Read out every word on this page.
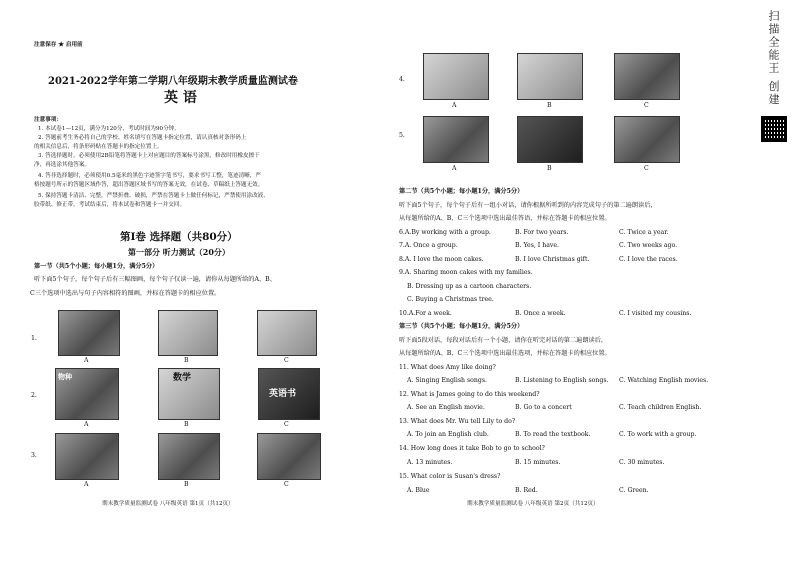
注意保存 ★ 启用前
2021-2022学年第二学期八年级期末教学质量监测试卷
英 语
注意事项：
1. 本试卷1—12页，满分为120分，考试时间为90分钟。
2. 答题前考生务必将自己的学校、姓名填写在答题卡指定位置，请认真核对条形码上
的相关信息后，将条形码贴在答题卡的指定位置上。
3. 答选择题时，必须使用2B铅笔将答题卡上对应题目的答案标号涂黑，修改时用橡皮擦干
净，再选涂其他答案。
4. 答非选择题时，必须使用0.5毫米的黑色字迹签字笔书写，要求书写工整，笔迹清晰，严
格按题号所示的答题区域作答，超出答题区域书写的答案无效，在试卷、草稿纸上答题无效。
5. 保持答题卡清洁、完整，严禁折叠、破损，严禁在答题卡上做任何标记，严禁使用涂改液、
胶带纸、修正带，考试结束后，将本试卷和答题卡一并交回。
第Ⅰ卷 选择题（共80分）
第一部分 听力测试（20分）
第一节（共5个小题；每小题1分，满分5分）
听下面5个句子，每个句子后有三幅图画，每个句子仅读一遍，请你从每题所给的A、B、
C三个选项中选出与句子内容相符的图画，并标在答题卡的相应位置。
1.
A	B	C
2.
物种	数学
英语书
A	B	C
3.
A	B	C
期末教学质量监测试卷 八年级英语 第1页（共12页）
4.
A	B	C
5.
A	B	C
第二节（共5个小题；每小题1分，满分5分）
听下面5个句子，每个句子后有一组小对话，请你根据所听到的内容完成句子的第二遍朗读后，
从每题所给的A、B、C三个选项中选出最佳答语，并标在答题卡的相应位置。
6.A.By working with a group.	B. For two years.	C. Twice a year.
7.A. Once a group.	B. Yes, I have.	C. Two weeks ago.
8.A. I love the moon cakes.	B. I love Christmas gift.	C. I love the races.
9.A. Sharing moon cakes with my families.
B. Dressing up as a cartoon characters.
C. Buying a Christmas tree.
10.A.For a week.	B. Once a week.	C. I visited my cousins.
第三节（共5个小题；每小题1分，满分5分）
听下面5段对话，每段对话后有一个小题，请你在听完对话的第二遍朗读后，
从每题所给的A、B、C三个选项中选出最佳选项，并标在答题卡的相应位置。
11. What does Amy like doing?
A. Singing English songs.	B. Listening to English songs. C. Watching English movies.
12. What is James going to do this weekend?
A. See an English movie.	B. Go to a concert	C. Teach children English.
13. What does Mr. Wu tell Lily to do?
A. To join an English club.	B. To read the textbook.	C. To work with a group.
14. How long does it take Bob to go to school?
A. 13 minutes.	B. 15 minutes.	C. 30 minutes.
15. What color is Susan's dress?
A. Blue	B. Red.	C. Green.
期末教学质量监测试卷 八年级英语 第2页（共12页）
扫描全能王 创建
